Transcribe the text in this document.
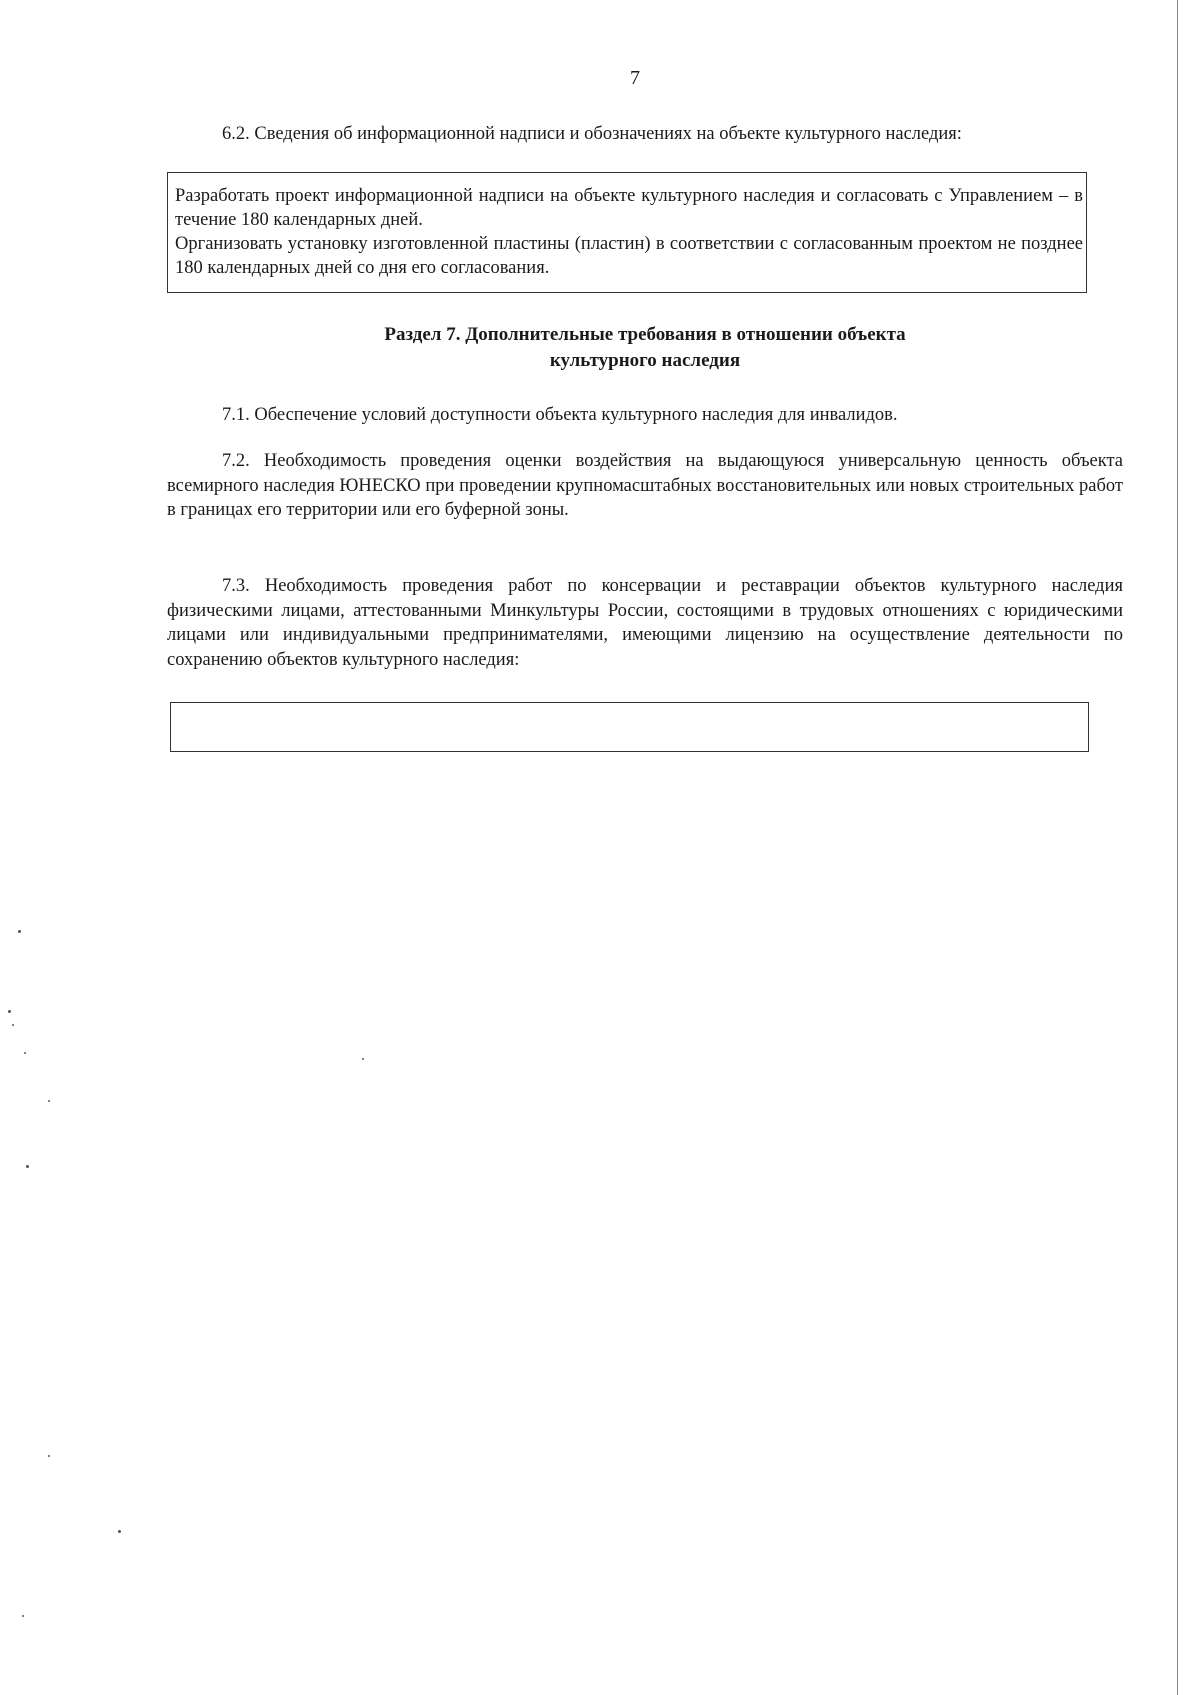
7
6.2. Сведения об информационной надписи и обозначениях на объекте культурного наследия:

Разработать проект информационной надписи на объекте культурного наследия и согласовать с Управлением – в течение 180 календарных дней.

Организовать установку изготовленной пластины (пластин) в соответствии с согласованным проектом не позднее 180 календарных дней со дня его согласования.

Раздел 7. Дополнительные требования в отношении объекта
культурного наследия

7.1. Обеспечение условий доступности объекта культурного наследия для инвалидов.

7.2. Необходимость проведения оценки воздействия на выдающуюся универсальную ценность объекта всемирного наследия ЮНЕСКО при проведении крупномасштабных восстановительных или новых строительных работ в границах его территории или его буферной зоны.

7.3. Необходимость проведения работ по консервации и реставрации объектов культурного наследия физическими лицами, аттестованными Минкультуры России, состоящими в трудовых отношениях с юридическими лицами или индивидуальными предпринимателями, имеющими лицензию на осуществление деятельности по сохранению объектов культурного наследия:
